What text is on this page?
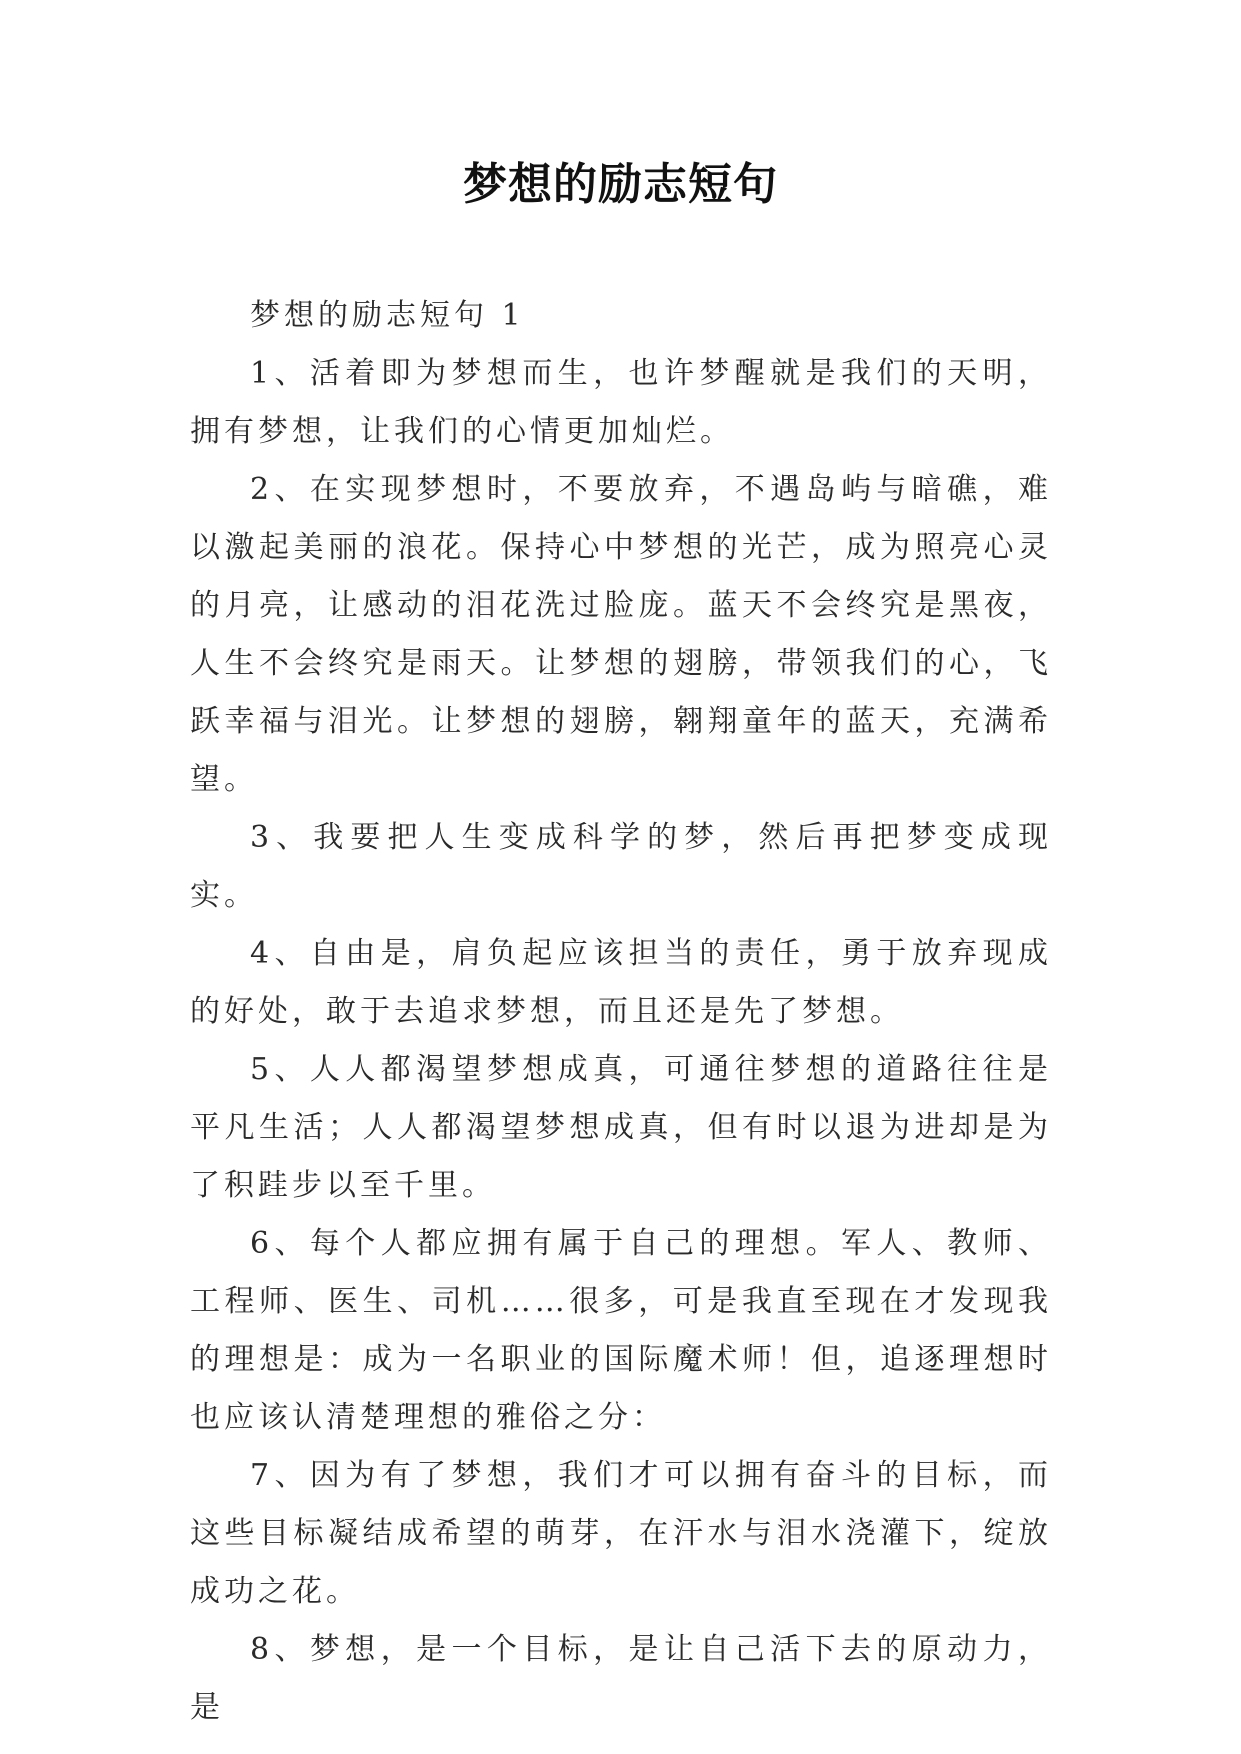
梦想的励志短句

梦想的励志短句 1

1、活着即为梦想而生，也许梦醒就是我们的天明，拥有梦想，让我们的心情更加灿烂。

2、在实现梦想时，不要放弃，不遇岛屿与暗礁，难以激起美丽的浪花。保持心中梦想的光芒，成为照亮心灵的月亮，让感动的泪花洗过脸庞。蓝天不会终究是黑夜，人生不会终究是雨天。让梦想的翅膀，带领我们的心，飞跃幸福与泪光。让梦想的翅膀，翱翔童年的蓝天，充满希望。

3、我要把人生变成科学的梦，然后再把梦变成现实。

4、自由是，肩负起应该担当的责任，勇于放弃现成的好处，敢于去追求梦想，而且还是先了梦想。

5、人人都渴望梦想成真，可通往梦想的道路往往是平凡生活；人人都渴望梦想成真，但有时以退为进却是为了积跬步以至千里。

6、每个人都应拥有属于自己的理想。军人、教师、工程师、医生、司机……很多，可是我直至现在才发现我的理想是：成为一名职业的国际魔术师！但，追逐理想时也应该认清楚理想的雅俗之分：

7、因为有了梦想，我们才可以拥有奋斗的目标，而这些目标凝结成希望的萌芽，在汗水与泪水浇灌下，绽放成功之花。

8、梦想，是一个目标，是让自己活下去的原动力，是
